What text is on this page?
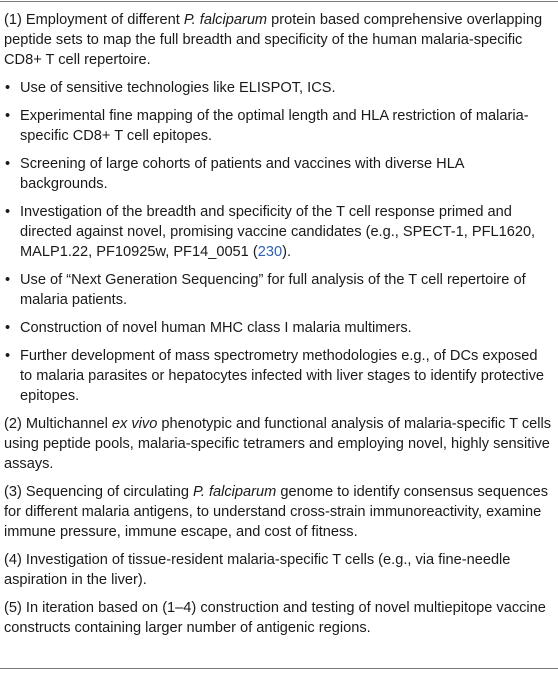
(1) Employment of different P. falciparum protein based comprehensive overlapping peptide sets to map the full breadth and specificity of the human malaria-specific CD8+ T cell repertoire.

• Use of sensitive technologies like ELISPOT, ICS.
• Experimental fine mapping of the optimal length and HLA restriction of malaria-specific CD8+ T cell epitopes.
• Screening of large cohorts of patients and vaccines with diverse HLA backgrounds.
• Investigation of the breadth and specificity of the T cell response primed and directed against novel, promising vaccine candidates (e.g., SPECT-1, PFL1620, MALP1.22, PF10925w, PF14_0051 (230).
• Use of “Next Generation Sequencing” for full analysis of the T cell repertoire of malaria patients.
• Construction of novel human MHC class I malaria multimers.
• Further development of mass spectrometry methodologies e.g., of DCs exposed to malaria parasites or hepatocytes infected with liver stages to identify protective epitopes.

(2) Multichannel ex vivo phenotypic and functional analysis of malaria-specific T cells using peptide pools, malaria-specific tetramers and employing novel, highly sensitive assays.

(3) Sequencing of circulating P. falciparum genome to identify consensus sequences for different malaria antigens, to understand cross-strain immunoreactivity, examine immune pressure, immune escape, and cost of fitness.

(4) Investigation of tissue-resident malaria-specific T cells (e.g., via fine-needle aspiration in the liver).

(5) In iteration based on (1–4) construction and testing of novel multiepitope vaccine constructs containing larger number of antigenic regions.
